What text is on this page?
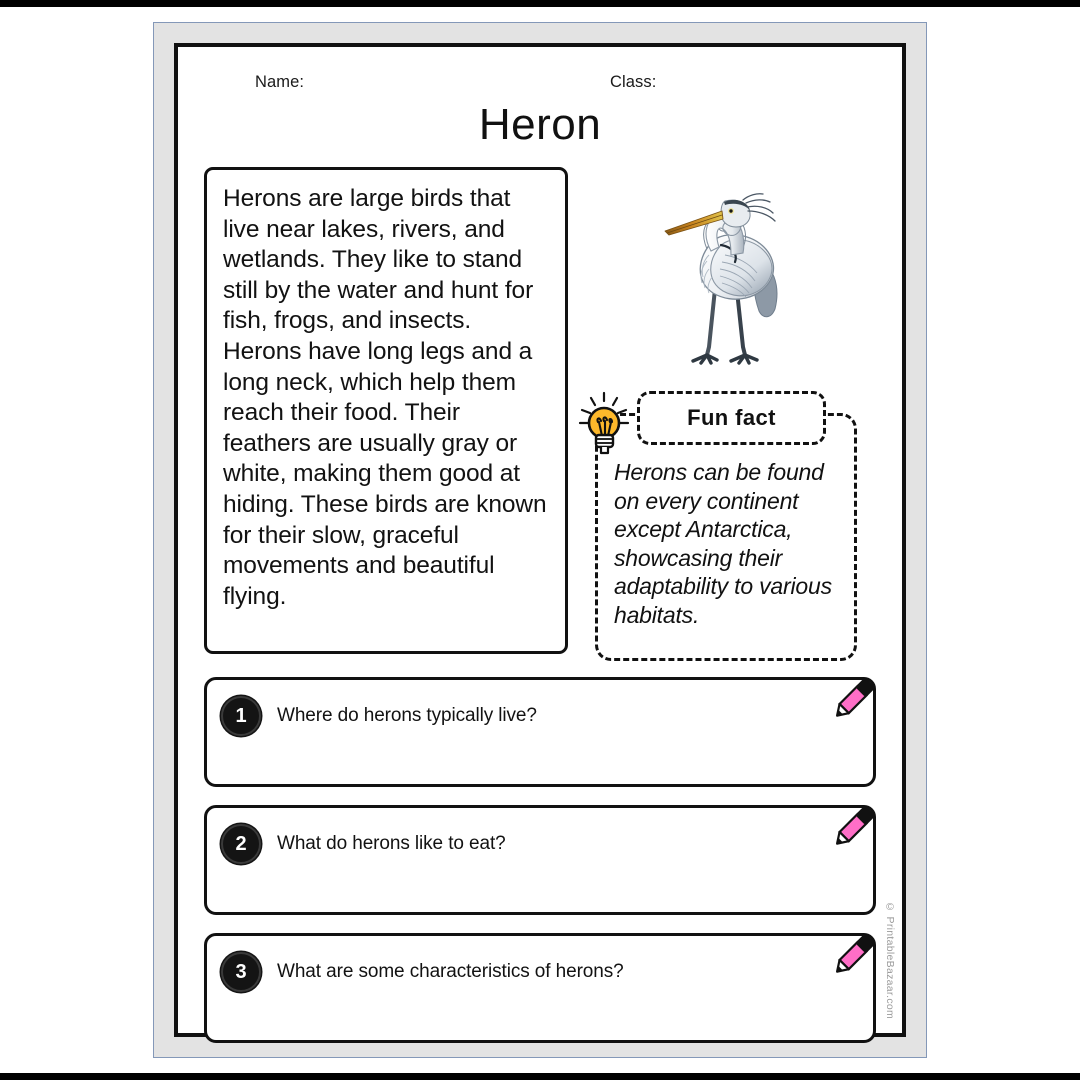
Name:	Class:
Heron
Herons are large birds that live near lakes, rivers, and wetlands. They like to stand still by the water and hunt for fish, frogs, and insects. Herons have long legs and a long neck, which help them reach their food. Their feathers are usually gray or white, making them good at hiding. These birds are known for their slow, graceful movements and beautiful flying.
Herons can be found on every continent except Antarctica, showcasing their adaptability to various habitats.
Fun fact
1	Where do herons typically live?
2	What do herons like to eat?
3	What are some characteristics of herons?	© PrintableBazaar.com
